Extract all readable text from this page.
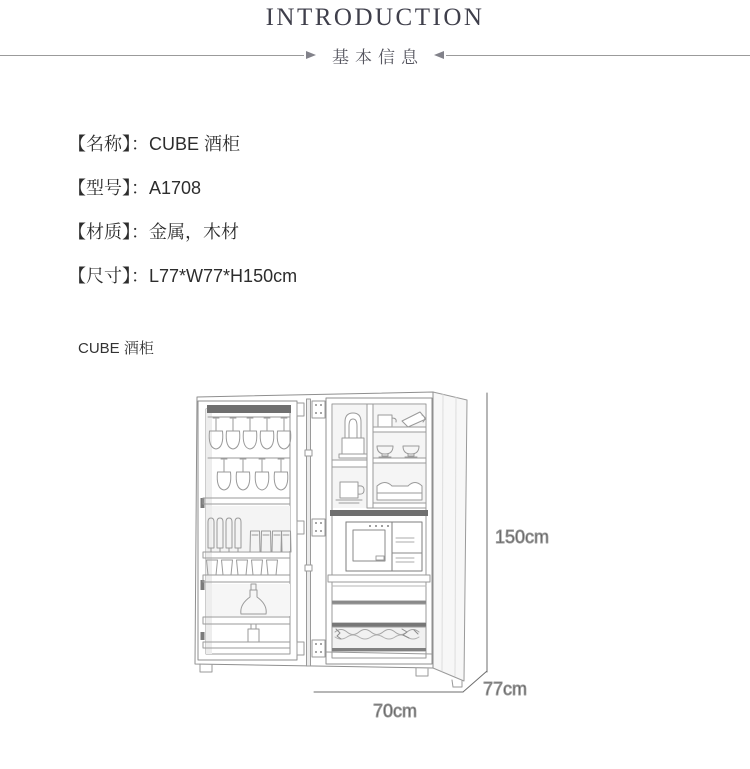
INTRODUCTION
基本信息
【名称】：CUBE 酒柜
【型号】：A1708
【材质】：金属，木材
【尺寸】：L77*W77*H150cm
CUBE 酒柜
150cm
77cm
70cm
